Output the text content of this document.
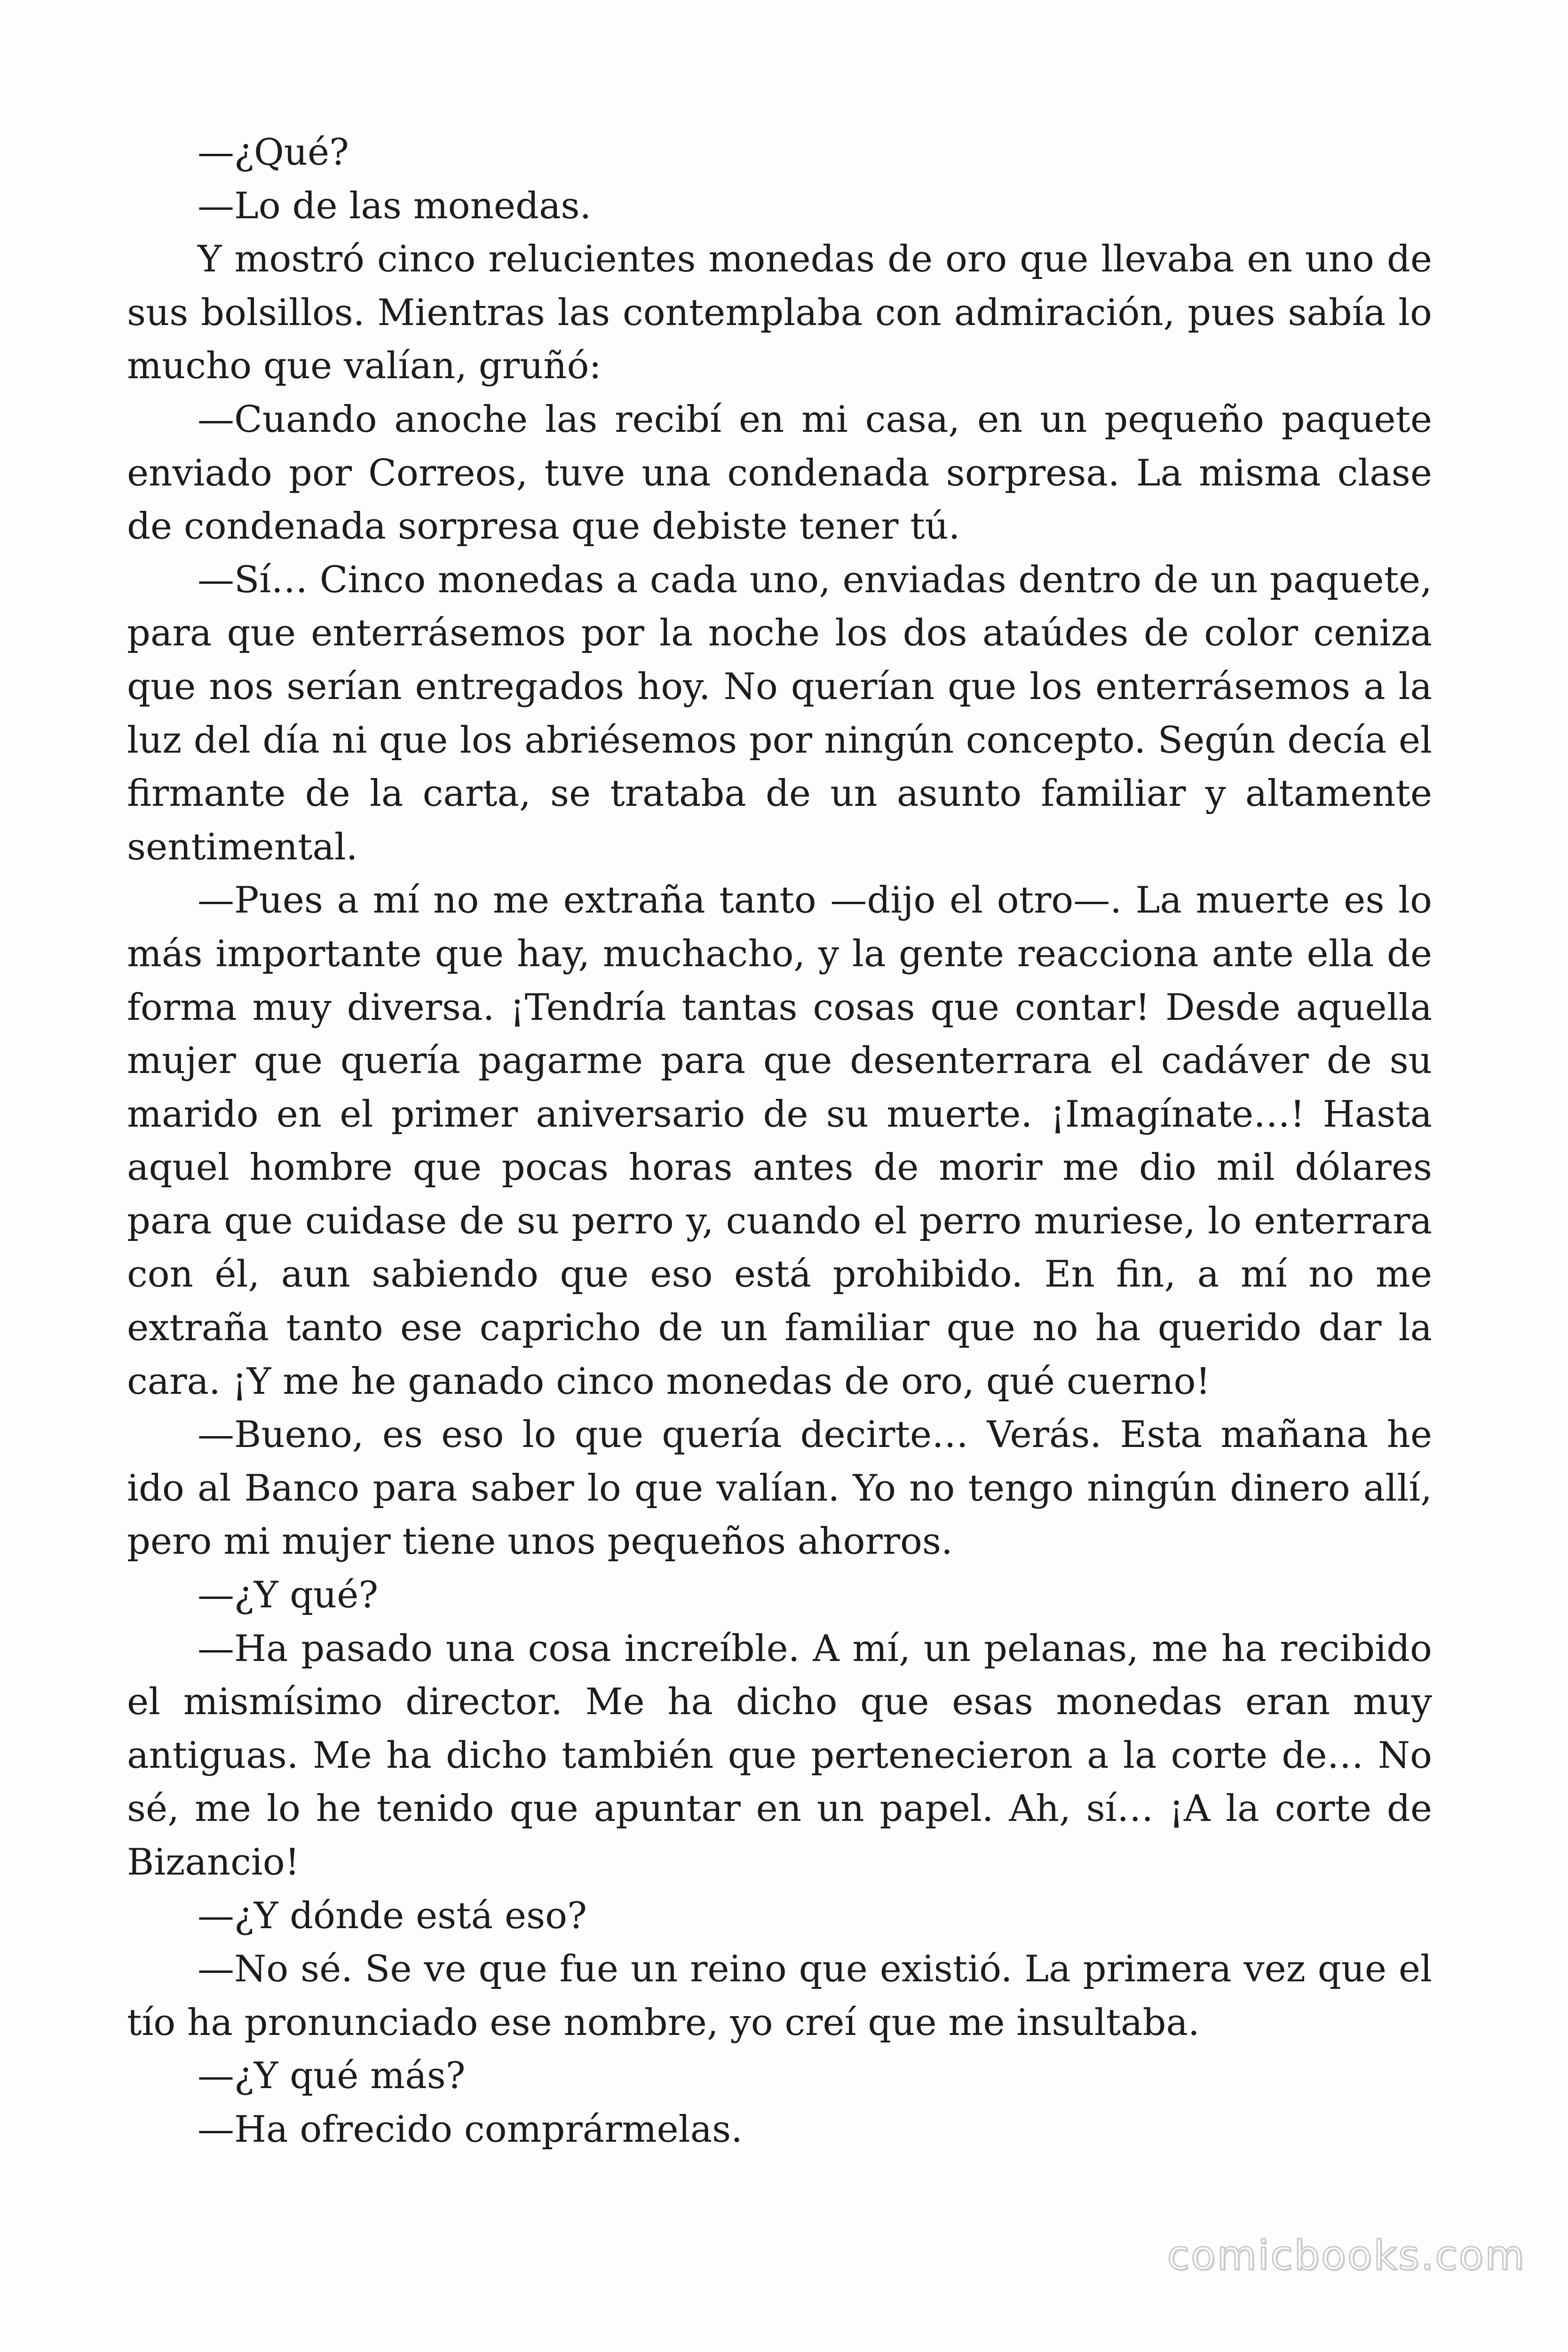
—¿Qué?

—Lo de las monedas.

Y mostró cinco relucientes monedas de oro que llevaba en uno de sus bolsillos. Mientras las contemplaba con admiración, pues sabía lo mucho que valían, gruñó:

—Cuando anoche las recibí en mi casa, en un pequeño paquete enviado por Correos, tuve una condenada sorpresa. La misma clase de condenada sorpresa que debiste tener tú.

—Sí… Cinco monedas a cada uno, enviadas dentro de un paquete, para que enterrásemos por la noche los dos ataúdes de color ceniza que nos serían entregados hoy. No querían que los enterrásemos a la luz del día ni que los abriésemos por ningún concepto. Según decía el firmante de la carta, se trataba de un asunto familiar y altamente sentimental.

—Pues a mí no me extraña tanto —dijo el otro—. La muerte es lo más importante que hay, muchacho, y la gente reacciona ante ella de forma muy diversa. ¡Tendría tantas cosas que contar! Desde aquella mujer que quería pagarme para que desenterrara el cadáver de su marido en el primer aniversario de su muerte. ¡Imagínate…! Hasta aquel hombre que pocas horas antes de morir me dio mil dólares para que cuidase de su perro y, cuando el perro muriese, lo enterrara con él, aun sabiendo que eso está prohibido. En fin, a mí no me extraña tanto ese capricho de un familiar que no ha querido dar la cara. ¡Y me he ganado cinco monedas de oro, qué cuerno!

—Bueno, es eso lo que quería decirte… Verás. Esta mañana he ido al Banco para saber lo que valían. Yo no tengo ningún dinero allí, pero mi mujer tiene unos pequeños ahorros.

—¿Y qué?

—Ha pasado una cosa increíble. A mí, un pelanas, me ha recibido el mismísimo director. Me ha dicho que esas monedas eran muy antiguas. Me ha dicho también que pertenecieron a la corte de… No sé, me lo he tenido que apuntar en un papel. Ah, sí… ¡A la corte de Bizancio!

—¿Y dónde está eso?

—No sé. Se ve que fue un reino que existió. La primera vez que el tío ha pronunciado ese nombre, yo creí que me insultaba.

—¿Y qué más?

—Ha ofrecido comprármelas.

comicbooks.com
